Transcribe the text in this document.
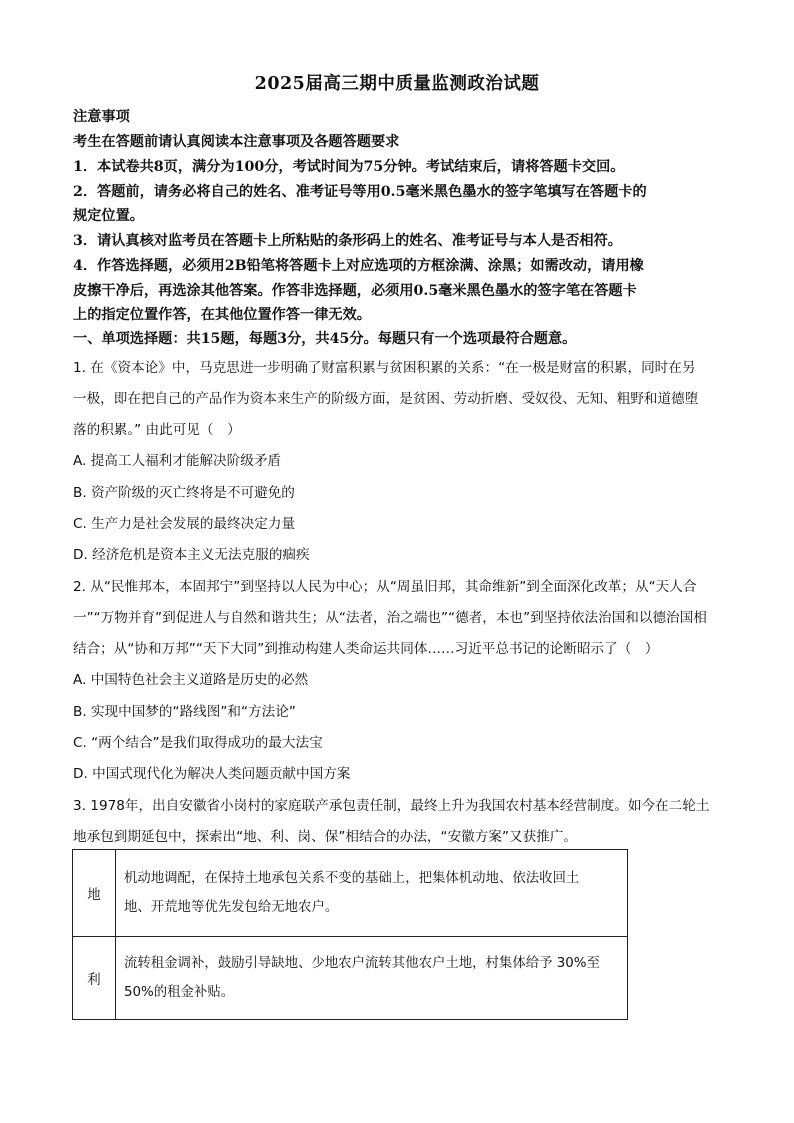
2025届高三期中质量监测政治试题
注意事项
考生在答题前请认真阅读本注意事项及各题答题要求
1．本试卷共8页，满分为100分，考试时间为75分钟。考试结束后，请将答题卡交回。
2．答题前，请务必将自己的姓名、准考证号等用0.5毫米黑色墨水的签字笔填写在答题卡的
规定位置。
3．请认真核对监考员在答题卡上所粘贴的条形码上的姓名、准考证号与本人是否相符。
4．作答选择题，必须用2B铅笔将答题卡上对应选项的方框涂满、涂黑；如需改动，请用橡
皮擦干净后，再选涂其他答案。作答非选择题，必须用0.5毫米黑色墨水的签字笔在答题卡
上的指定位置作答，在其他位置作答一律无效。
一、单项选择题：共15题，每题3分，共45分。每题只有一个选项最符合题意。
1. 在《资本论》中，马克思进一步明确了财富积累与贫困积累的关系：“在一极是财富的积累，同时在另
一极，即在把自己的产品作为资本来生产的阶级方面，是贫困、劳动折磨、受奴役、无知、粗野和道德堕
落的积累。” 由此可见（　）
A. 提高工人福利才能解决阶级矛盾
B. 资产阶级的灭亡终将是不可避免的
C. 生产力是社会发展的最终决定力量
D. 经济危机是资本主义无法克服的痼疾
2. 从“民惟邦本，本固邦宁”到坚持以人民为中心；从“周虽旧邦，其命维新”到全面深化改革；从“天人合
一”“万物并育”到促进人与自然和谐共生；从“法者，治之端也”“德者，本也”到坚持依法治国和以德治国相
结合；从“协和万邦”“天下大同”到推动构建人类命运共同体……习近平总书记的论断昭示了（　）
A. 中国特色社会主义道路是历史的必然
B. 实现中国梦的“路线图”和“方法论”
C. “两个结合”是我们取得成功的最大法宝
D. 中国式现代化为解决人类问题贡献中国方案
3. 1978年，出自安徽省小岗村的家庭联产承包责任制，最终上升为我国农村基本经营制度。如今在二轮土
地承包到期延包中，探索出“地、利、岗、保”相结合的办法，“安徽方案”又获推广。
地	机动地调配，在保持土地承包关系不变的基础上，把集体机动地、依法收回土
地、开荒地等优先发包给无地农户。

利	流转租金调补，鼓励引导缺地、少地农户流转其他农户土地，村集体给予 30%至
50%的租金补贴。
